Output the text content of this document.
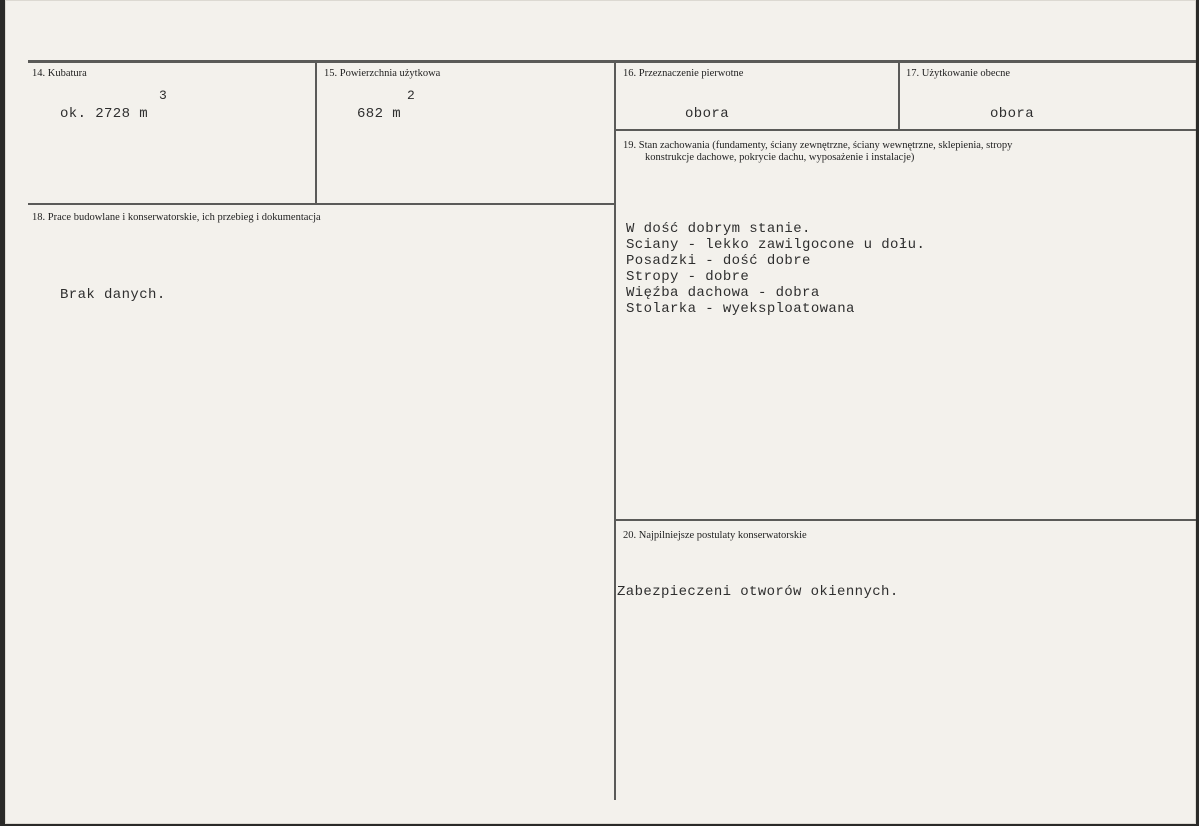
14. Kubatura
3
ok. 2728 m
15. Powierzchnia użytkowa
2
682 m
16. Przeznaczenie pierwotne
obora
17. Użytkowanie obecne
obora
18. Prace budowlane i konserwatorskie, ich przebieg i dokumentacja
Brak danych.
19. Stan zachowania (fundamenty, ściany zewnętrzne, ściany wewnętrzne, sklepienia, stropy
konstrukcje dachowe, pokrycie dachu, wyposażenie i instalacje)
W dość dobrym stanie.
Sciany - lekko zawilgocone u dołu.
Posadzki - dość dobre
Stropy - dobre
Więźba dachowa - dobra
Stolarka - wyeksploatowana
20. Najpilniejsze postulaty konserwatorskie
Zabezpieczeni otworów okiennych.
